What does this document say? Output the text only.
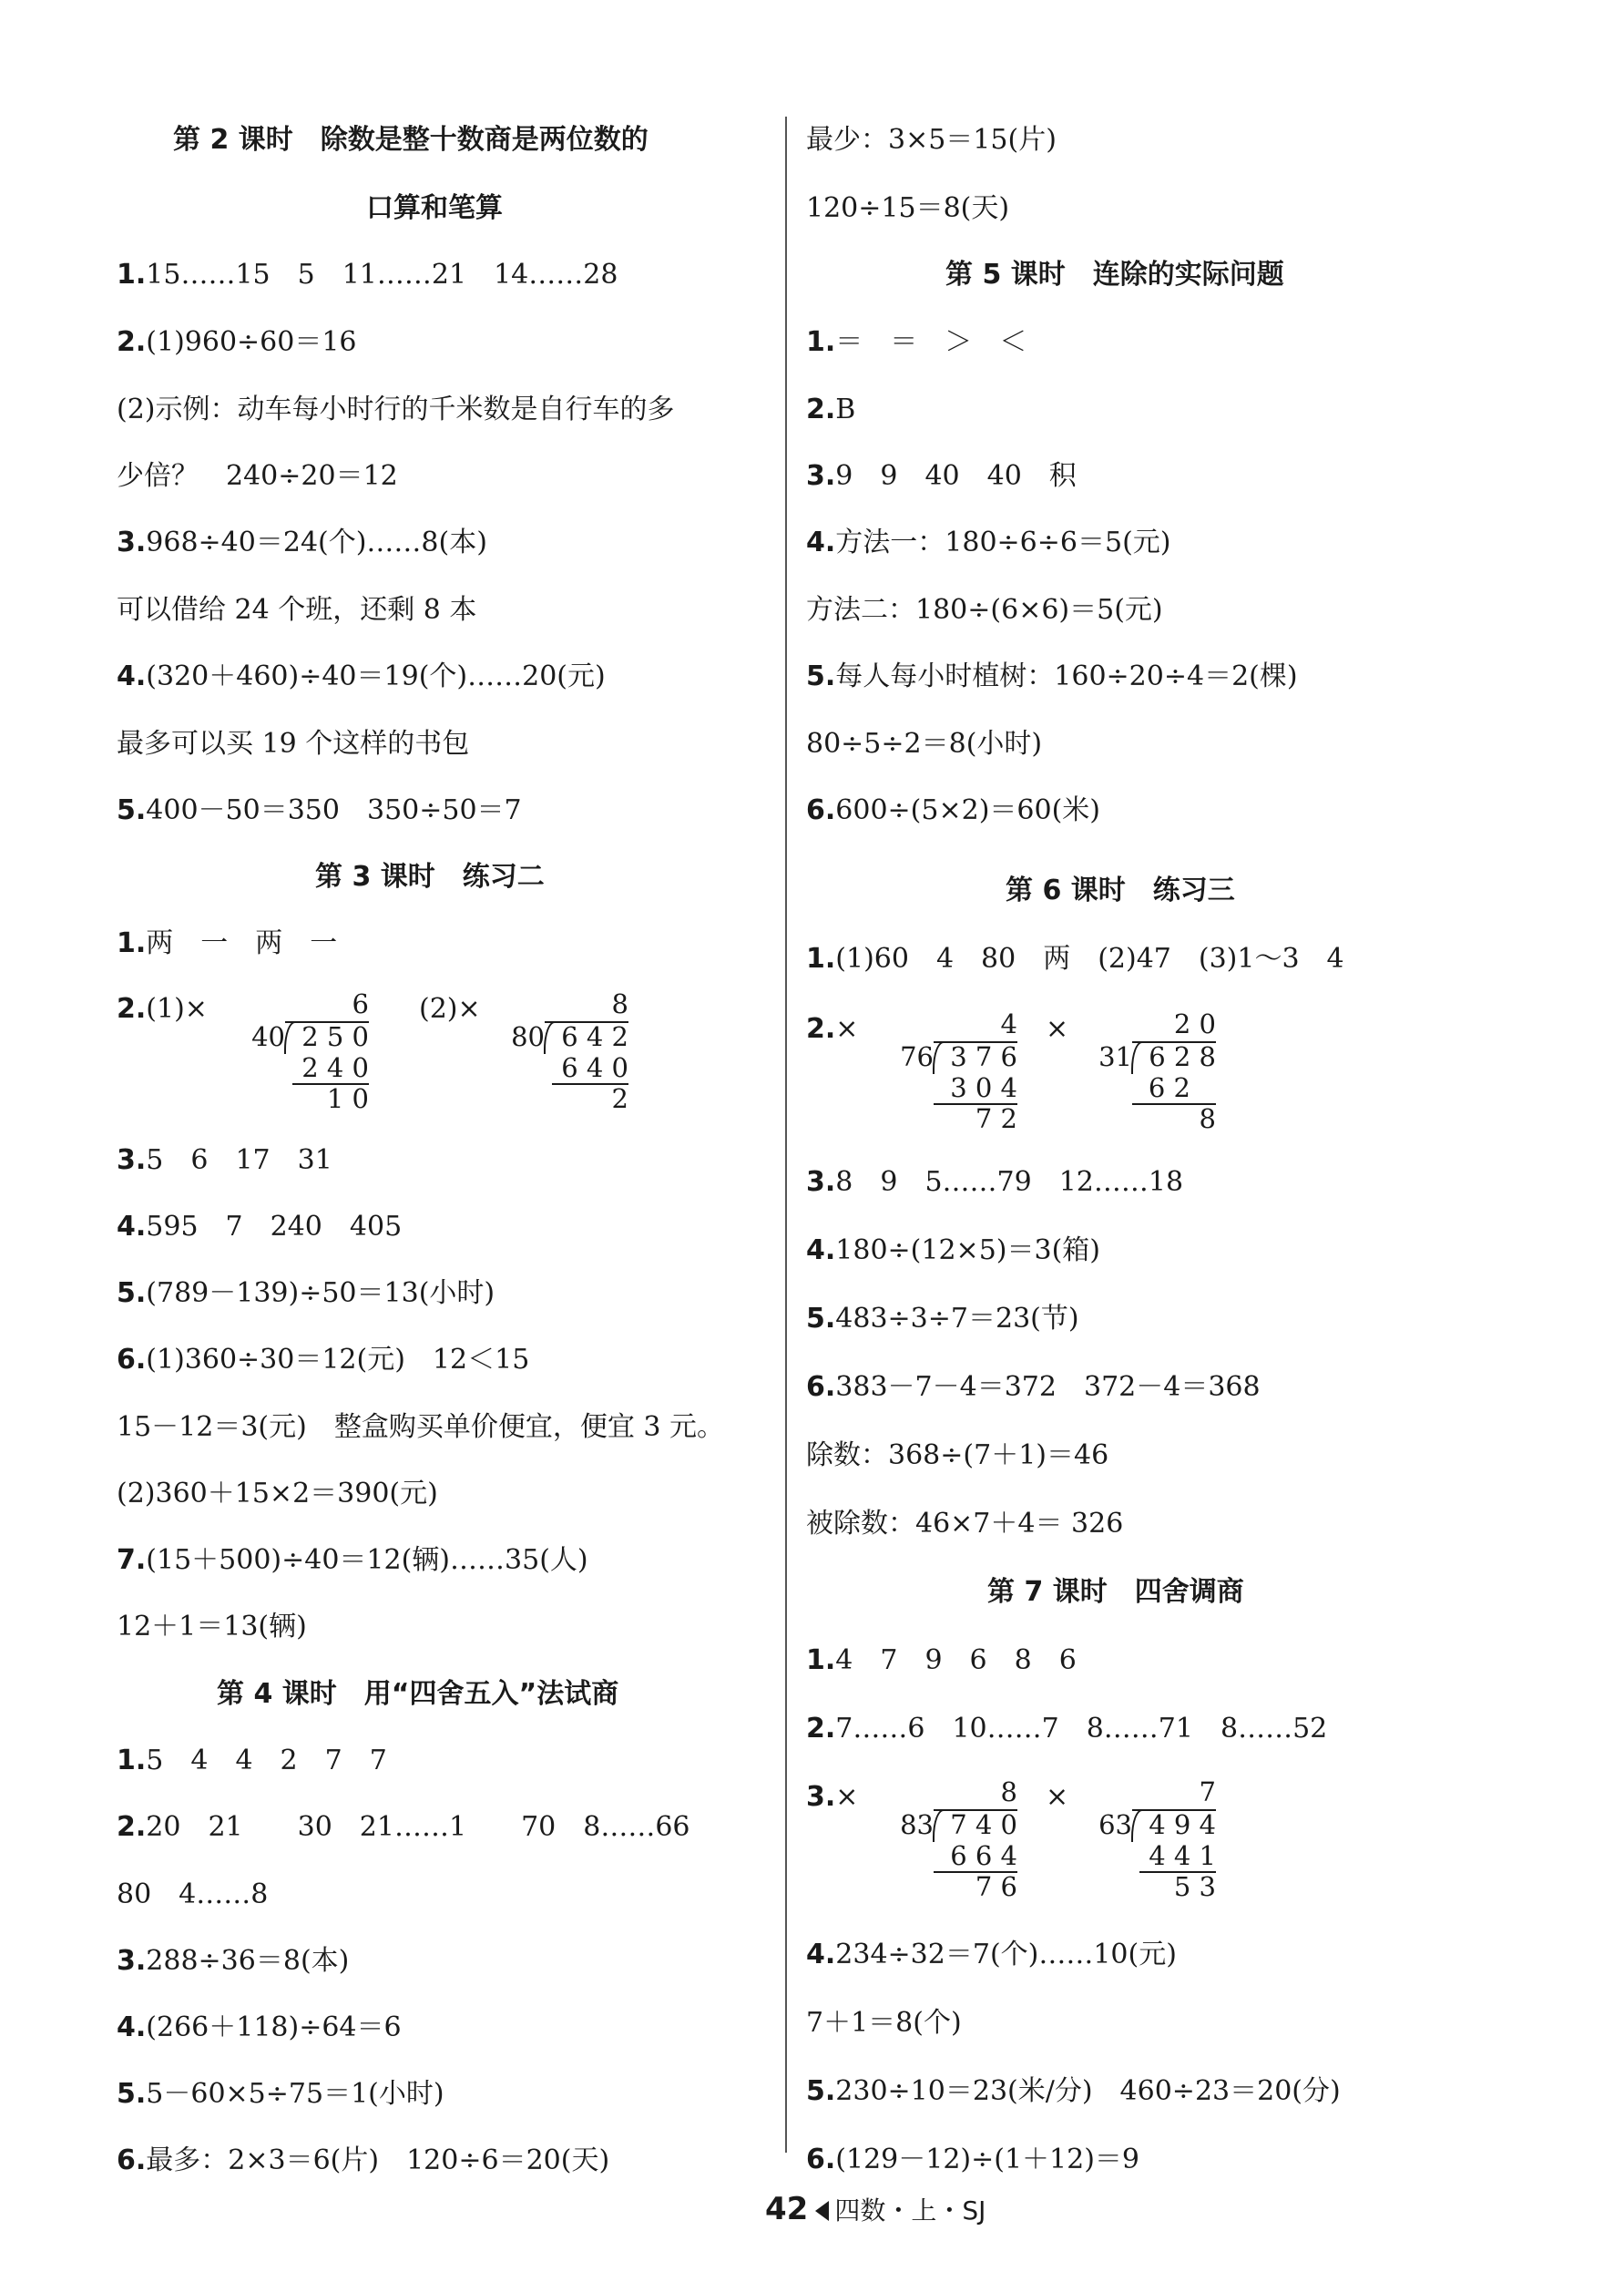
第 2 课时　除数是整十数商是两位数的
口算和笔算
1.15……15　5　11……21　14……28
2.(1)960÷60＝16
(2)示例：动车每小时行的千米数是自行车的多
少倍？　240÷20＝12
3.968÷40＝24(个)……8(本)
可以借给 24 个班，还剩 8 本
4.(320＋460)÷40＝19(个)……20(元)
最多可以买 19 个这样的书包
5.400－50＝350　350÷50＝7
第 3 课时　练习二
1.两　一　两　一
2.(1)×	(2)×
6
40 2 5 0
2 4 0
1 0
8
80 6 4 2
6 4 0
2
3.5　6　17　31
4.595　7　240　405
5.(789－139)÷50＝13(小时)
6.(1)360÷30＝12(元)　12＜15
15－12＝3(元)　整盒购买单价便宜，便宜 3 元。
(2)360＋15×2＝390(元)
7.(15＋500)÷40＝12(辆)……35(人)
12＋1＝13(辆)
第 4 课时　用“四舍五入”法试商
1.5　4　4　2　7　7
2.20　21　　30　21……1　　70　8……66
80　4……8
3.288÷36＝8(本)
4.(266＋118)÷64＝6
5.5－60×5÷75＝1(小时)
6.最多：2×3＝6(片)　120÷6＝20(天)
最少：3×5＝15(片)
120÷15＝8(天)
第 5 课时　连除的实际问题
1.＝　＝　＞　＜
2.B
3.9　9　40　40　积
4.方法一：180÷6÷6＝5(元)
方法二：180÷(6×6)＝5(元)
5.每人每小时植树：160÷20÷4＝2(棵)
80÷5÷2＝8(小时)
6.600÷(5×2)＝60(米)
第 6 课时　练习三
1.(1)60　4　80　两　(2)47　(3)1～3　4
2.×	×
4
76 3 7 6
3 0 4
7 2
2 0
31 6 2 8
6 2
8
3.8　9　5……79　12……18
4.180÷(12×5)＝3(箱)
5.483÷3÷7＝23(节)
6.383－7－4＝372　372－4＝368
除数：368÷(7＋1)＝46
被除数：46×7＋4＝ 326
第 7 课时　四舍调商
1.4　7　9　6　8　6
2.7……6　10……7　8……71　8……52
3.×	×
8
83 7 4 0
6 6 4
7 6
7
63 4 9 4
4 4 1
5 3
4.234÷32＝7(个)……10(元)
7＋1＝8(个)
5.230÷10＝23(米/分)　460÷23＝20(分)
6.(129－12)÷(1＋12)＝9
42 四数・上・SJ
